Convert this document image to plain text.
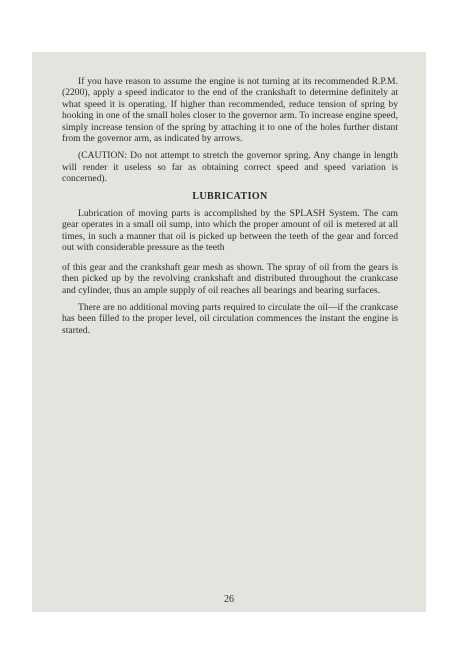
If you have reason to assume the engine is not turning at its recommended R.P.M. (2200), apply a speed indicator to the end of the crankshaft to determine definitely at what speed it is operating. If higher than recommended, reduce tension of spring by hooking in one of the small holes closer to the governor arm. To increase engine speed, simply increase tension of the spring by attaching it to one of the holes further distant from the governor arm, as indicated by arrows.

(CAUTION: Do not attempt to stretch the governor spring. Any change in length will render it useless so far as obtaining correct speed and speed variation is concerned).

LUBRICATION

Lubrication of moving parts is accomplished by the SPLASH System. The cam gear operates in a small oil sump, into which the proper amount of oil is metered at all times, in such a manner that oil is picked up between the teeth of the gear and forced out with considerable pressure as the teeth

of this gear and the crankshaft gear mesh as shown. The spray of oil from the gears is then picked up by the revolving crankshaft and distributed throughout the crankcase and cylinder, thus an ample supply of oil reaches all bearings and bearing surfaces.

There are no additional moving parts required to circulate the oil—if the crankcase has been filled to the proper level, oil circulation commences the instant the engine is started.

26
